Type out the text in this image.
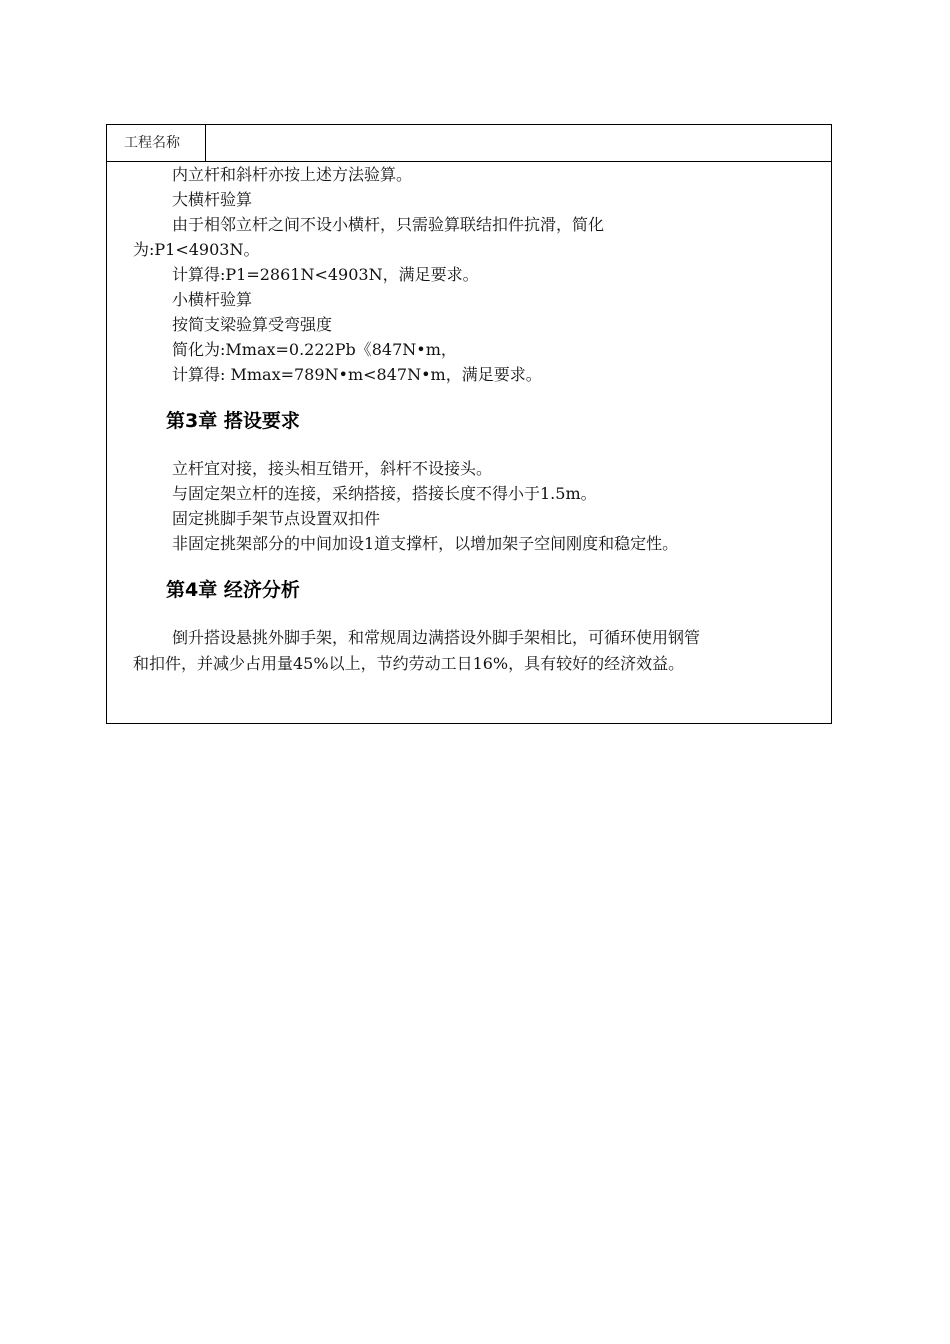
工程名称
内立杆和斜杆亦按上述方法验算。
大横杆验算
由于相邻立杆之间不设小横杆，只需验算联结扣件抗滑，简化
为:P1<4903N。
计算得:P1=2861N<4903N，满足要求。
小横杆验算
按简支梁验算受弯强度
简化为:Mmax=0.222Pb《847N•m，
计算得: Mmax=789N•m<847N•m，满足要求。
第3章 搭设要求
立杆宜对接，接头相互错开，斜杆不设接头。
与固定架立杆的连接，采纳搭接，搭接长度不得小于1.5m。
固定挑脚手架节点设置双扣件
非固定挑架部分的中间加设1道支撑杆，以增加架子空间刚度和稳定性。
第4章 经济分析
倒升搭设悬挑外脚手架，和常规周边满搭设外脚手架相比，可循环使用钢管
和扣件，并减少占用量45%以上，节约劳动工日16%，具有较好的经济效益。
